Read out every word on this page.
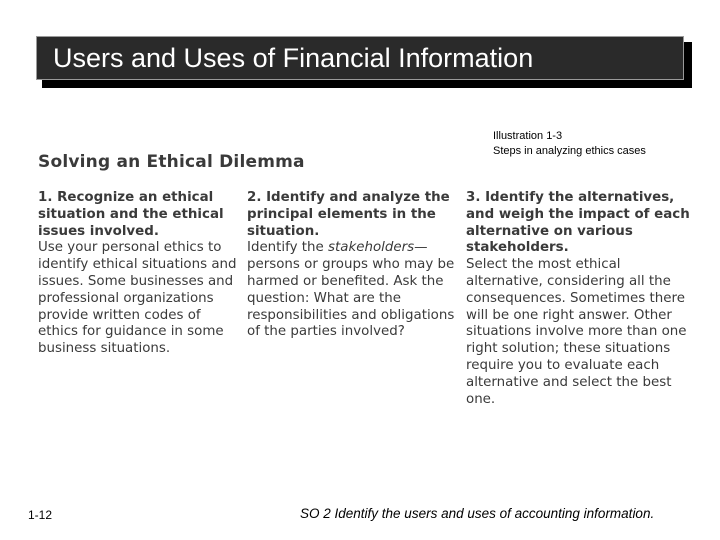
Users and Uses of Financial Information
Illustration 1-3
Steps in analyzing ethics cases
Solving an Ethical Dilemma

1. Recognize an ethical situation and the ethical issues involved.

Use your personal ethics to identify ethical situations and issues. Some businesses and professional organizations provide written codes of ethics for guidance in some business situations.

2. Identify and analyze the principal elements in the situation.

Identify the stakeholders—persons or groups who may be harmed or benefited. Ask the question: What are the responsibilities and obligations of the parties involved?

3. Identify the alternatives, and weigh the impact of each alternative on various stakeholders.

Select the most ethical alternative, considering all the consequences. Sometimes there will be one right answer. Other situations involve more than one right solution; these situations require you to evaluate each alternative and select the best one.

1-12	SO 2 Identify the users and uses of accounting information.
